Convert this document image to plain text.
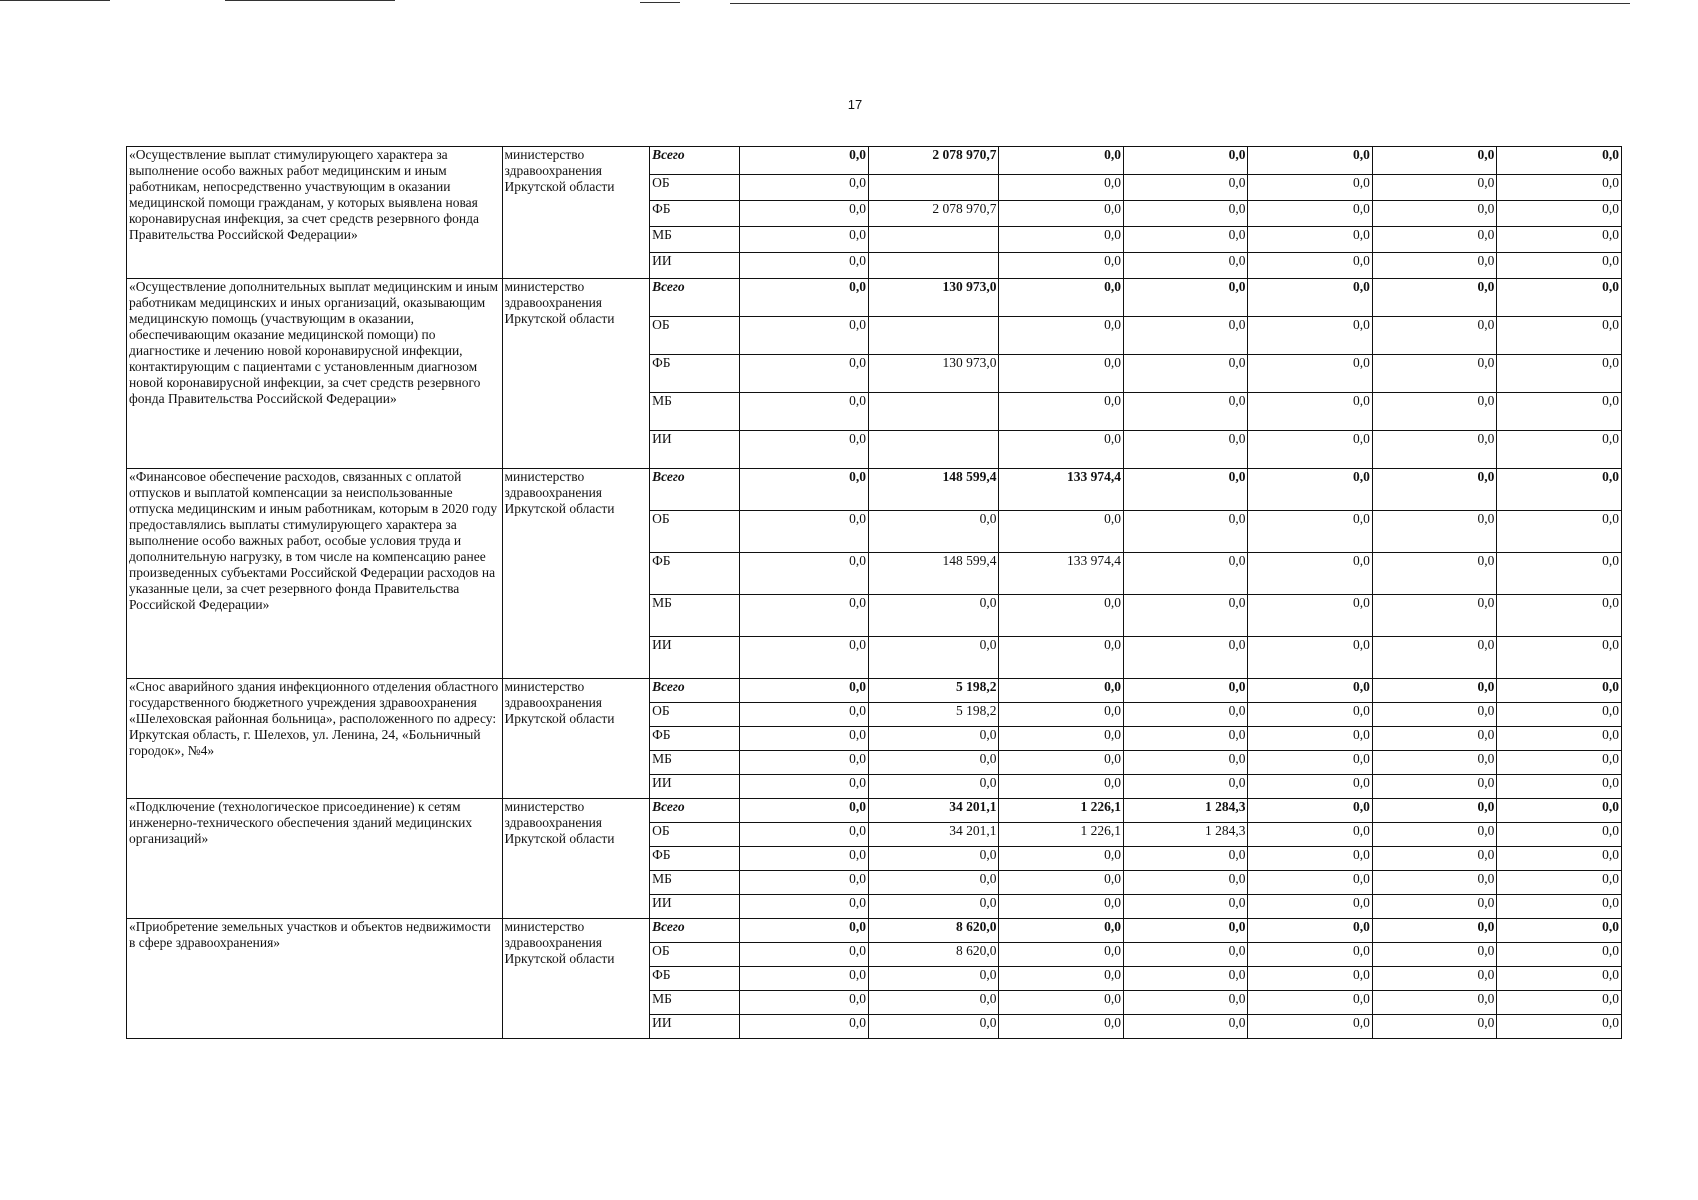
17
«Осуществление выплат стимулирующего характера за выполнение особо важных работ медицинским и иным работникам, непосредственно участвующим в оказании медицинской помощи гражданам, у которых выявлена новая коронавирусная инфекция, за счет средств резервного фонда Правительства Российской Федерации»	министерство здравоохранения Иркутской области	Всего	0,0	2 078 970,7	0,0	0,0	0,0	0,0	0,0
		ОБ	0,0		0,0	0,0	0,0	0,0	0,0
		ФБ	0,0	2 078 970,7	0,0	0,0	0,0	0,0	0,0
		МБ	0,0		0,0	0,0	0,0	0,0	0,0
		ИИ	0,0		0,0	0,0	0,0	0,0	0,0
«Осуществление дополнительных выплат медицинским и иным работникам медицинских и иных организаций, оказывающим медицинскую помощь (участвующим в оказании, обеспечивающим оказание медицинской помощи) по диагностике и лечению новой коронавирусной инфекции, контактирующим с пациентами с установленным диагнозом новой коронавирусной инфекции, за счет средств резервного фонда Правительства Российской Федерации»	министерство здравоохранения Иркутской области	Всего	0,0	130 973,0	0,0	0,0	0,0	0,0	0,0
		ОБ	0,0		0,0	0,0	0,0	0,0	0,0
		ФБ	0,0	130 973,0	0,0	0,0	0,0	0,0	0,0
		МБ	0,0		0,0	0,0	0,0	0,0	0,0
		ИИ	0,0		0,0	0,0	0,0	0,0	0,0
«Финансовое обеспечение расходов, связанных с оплатой отпусков и выплатой компенсации за неиспользованные отпуска медицинским и иным работникам, которым в 2020 году предоставлялись выплаты стимулирующего характера за выполнение особо важных работ, особые условия труда и дополнительную нагрузку, в том числе на компенсацию ранее произведенных субъектами Российской Федерации расходов на указанные цели, за счет резервного фонда Правительства Российской Федерации»	министерство здравоохранения Иркутской области	Всего	0,0	148 599,4	133 974,4	0,0	0,0	0,0	0,0
		ОБ	0,0	0,0	0,0	0,0	0,0	0,0	0,0
		ФБ	0,0	148 599,4	133 974,4	0,0	0,0	0,0	0,0
		МБ	0,0	0,0	0,0	0,0	0,0	0,0	0,0
		ИИ	0,0	0,0	0,0	0,0	0,0	0,0	0,0
«Снос аварийного здания инфекционного отделения областного государственного бюджетного учреждения здравоохранения «Шелеховская районная больница», расположенного по адресу: Иркутская область, г. Шелехов, ул. Ленина, 24, «Больничный городок», №4»	министерство здравоохранения Иркутской области	Всего	0,0	5 198,2	0,0	0,0	0,0	0,0	0,0
		ОБ	0,0	5 198,2	0,0	0,0	0,0	0,0	0,0
		ФБ	0,0	0,0	0,0	0,0	0,0	0,0	0,0
		МБ	0,0	0,0	0,0	0,0	0,0	0,0	0,0
		ИИ	0,0	0,0	0,0	0,0	0,0	0,0	0,0
«Подключение (технологическое присоединение) к сетям инженерно-технического обеспечения зданий медицинских организаций»	министерство здравоохранения Иркутской области	Всего	0,0	34 201,1	1 226,1	1 284,3	0,0	0,0	0,0
		ОБ	0,0	34 201,1	1 226,1	1 284,3	0,0	0,0	0,0
		ФБ	0,0	0,0	0,0	0,0	0,0	0,0	0,0
		МБ	0,0	0,0	0,0	0,0	0,0	0,0	0,0
		ИИ	0,0	0,0	0,0	0,0	0,0	0,0	0,0
«Приобретение земельных участков и объектов недвижимости в сфере здравоохранения»	министерство здравоохранения Иркутской области	Всего	0,0	8 620,0	0,0	0,0	0,0	0,0	0,0
		ОБ	0,0	8 620,0	0,0	0,0	0,0	0,0	0,0
		ФБ	0,0	0,0	0,0	0,0	0,0	0,0	0,0
		МБ	0,0	0,0	0,0	0,0	0,0	0,0	0,0
		ИИ	0,0	0,0	0,0	0,0	0,0	0,0	0,0
